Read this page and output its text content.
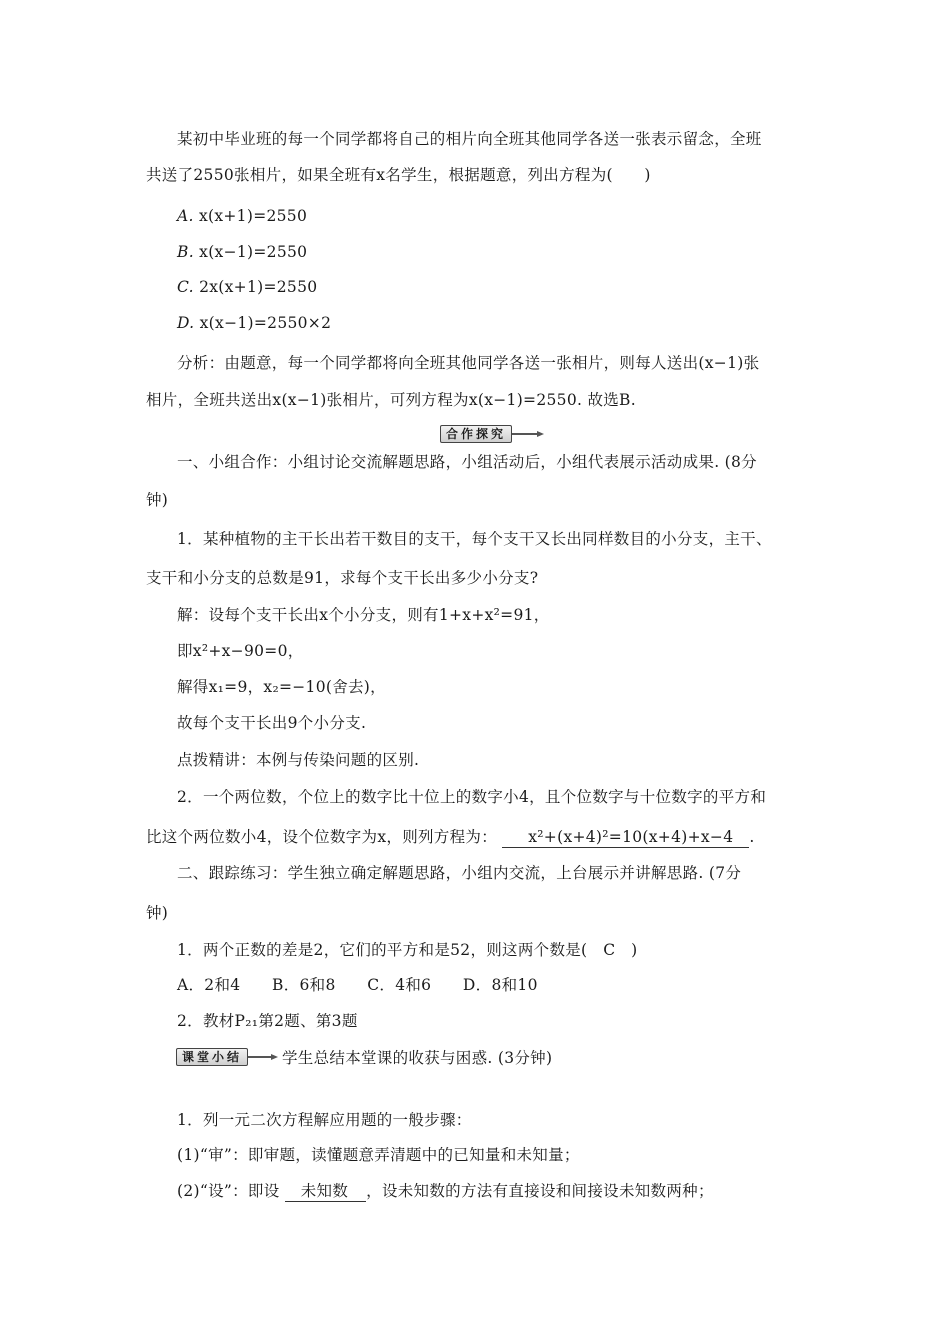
某初中毕业班的每一个同学都将自己的相片向全班其他同学各送一张表示留念，全班
共送了2550张相片，如果全班有x名学生，根据题意，列出方程为(　　)
A. x(x+1)=2550
B. x(x−1)=2550
C. 2x(x+1)=2550
D. x(x−1)=2550×2
分析：由题意，每一个同学都将向全班其他同学各送一张相片，则每人送出(x−1)张
相片，全班共送出x(x−1)张相片，可列方程为x(x−1)=2550. 故选B.
合作探究
一、小组合作：小组讨论交流解题思路，小组活动后，小组代表展示活动成果. (8分
钟)
1．某种植物的主干长出若干数目的支干，每个支干又长出同样数目的小分支，主干、
支干和小分支的总数是91，求每个支干长出多少小分支?
解：设每个支干长出x个小分支，则有1+x+x²=91，
即x²+x−90=0，
解得x₁=9，x₂=−10(舍去)，
故每个支干长出9个小分支.
点拨精讲：本例与传染问题的区别.
2．一个两位数，个位上的数字比十位上的数字小4，且个位数字与十位数字的平方和
比这个两位数小4，设个位数字为x，则列方程为： x²+(x+4)²=10(x+4)+x−4 .
二、跟踪练习：学生独立确定解题思路，小组内交流，上台展示并讲解思路. (7分
钟)
1．两个正数的差是2，它们的平方和是52，则这两个数是(　C　)
A．2和4　　B．6和8　　C．4和6　　D．8和10
2．教材P₂₁第2题、第3题
课堂小结	学生总结本堂课的收获与困惑. (3分钟)
1．列一元二次方程解应用题的一般步骤：
(1)“审”：即审题，读懂题意弄清题中的已知量和未知量；
(2)“设”：即设 未知数 ，设未知数的方法有直接设和间接设未知数两种；
